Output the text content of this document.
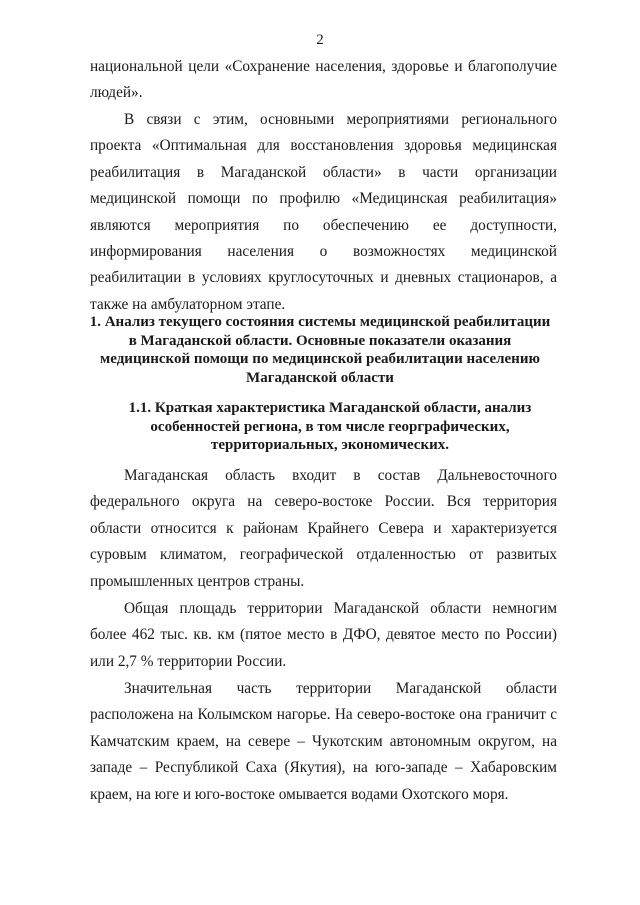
2

национальной цели «Сохранение населения, здоровье и благополучие людей».

В связи с этим, основными мероприятиями регионального проекта «Оптимальная для восстановления здоровья медицинская реабилитация в Магаданской области» в части организации медицинской помощи по профилю «Медицинская реабилитация» являются мероприятия по обеспечению ее доступности, информирования населения о возможностях медицинской реабилитации в условиях круглосуточных и дневных стационаров, а также на амбулаторном этапе.

1. Анализ текущего состояния системы медицинской реабилитации
в Магаданской области. Основные показатели оказания
медицинской помощи по медицинской реабилитации населению
Магаданской области
1.1. Краткая характеристика Магаданской области, анализ
особенностей региона, в том числе георграфических,
территориальных, экономических.

Магаданская область входит в состав Дальневосточного федерального округа на северо-востоке России. Вся территория области относится к районам Крайнего Севера и характеризуется суровым климатом, географической отдаленностью от развитых промышленных центров страны.

Общая площадь территории Магаданской области немногим более 462 тыс. кв. км (пятое место в ДФО, девятое место по России) или 2,7 % территории России.

Значительная часть территории Магаданской области расположена на Колымском нагорье. На северо-востоке она граничит с Камчатским краем, на севере – Чукотским автономным округом, на западе – Республикой Саха (Якутия), на юго-западе – Хабаровским краем, на юге и юго-востоке омывается водами Охотского моря.
